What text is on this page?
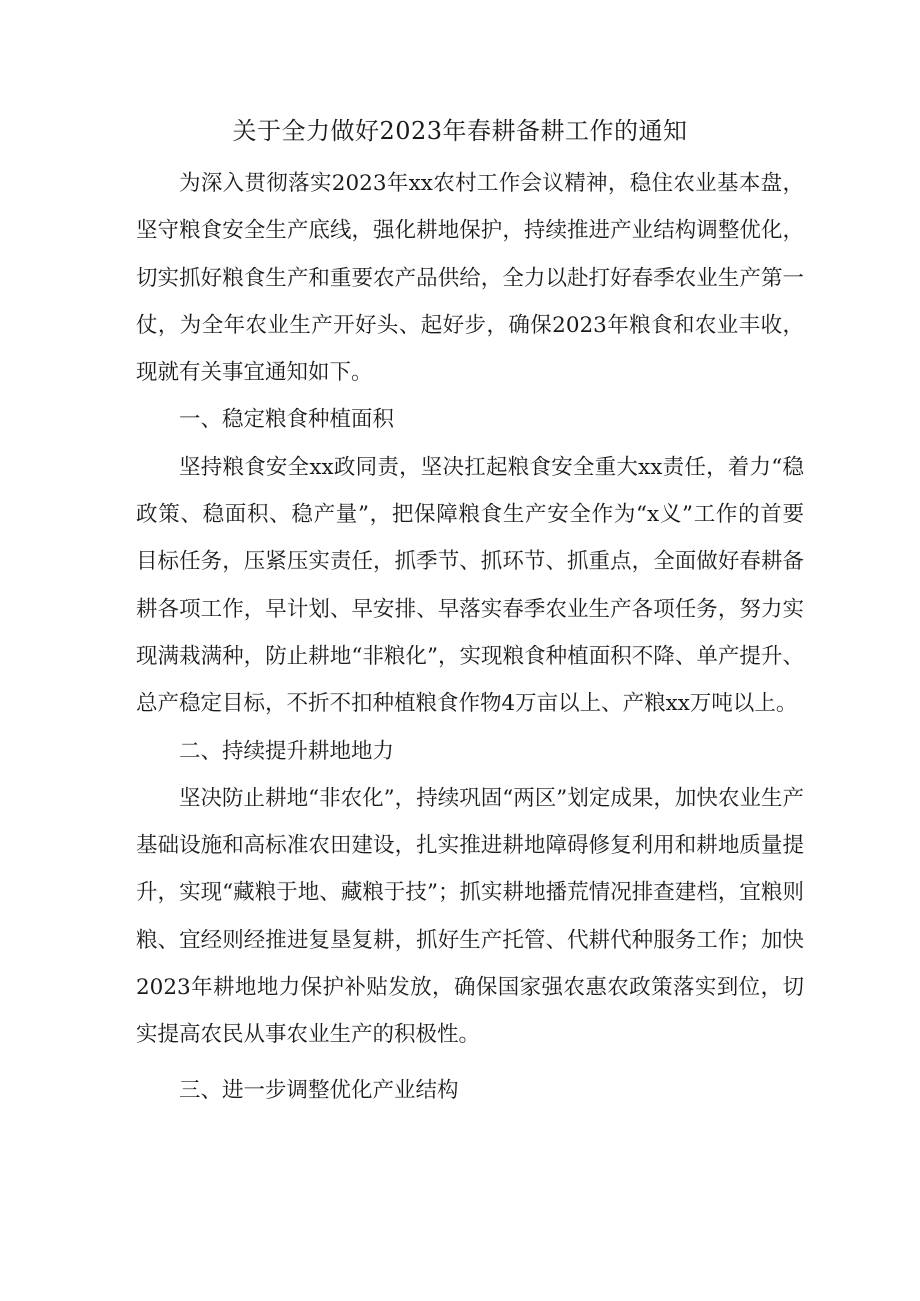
关于全力做好2023年春耕备耕工作的通知

为深入贯彻落实2023年xx农村工作会议精神，稳住农业基本盘，坚守粮食安全生产底线，强化耕地保护，持续推进产业结构调整优化，切实抓好粮食生产和重要农产品供给，全力以赴打好春季农业生产第一仗，为全年农业生产开好头、起好步，确保2023年粮食和农业丰收，现就有关事宜通知如下。

一、稳定粮食种植面积

坚持粮食安全xx政同责，坚决扛起粮食安全重大xx责任，着力“稳政策、稳面积、稳产量”，把保障粮食生产安全作为“x义”工作的首要目标任务，压紧压实责任，抓季节、抓环节、抓重点，全面做好春耕备耕各项工作，早计划、早安排、早落实春季农业生产各项任务，努力实现满栽满种，防止耕地“非粮化”，实现粮食种植面积不降、单产提升、总产稳定目标，不折不扣种植粮食作物4万亩以上、产粮xx万吨以上。

二、持续提升耕地地力

坚决防止耕地“非农化”，持续巩固“两区”划定成果，加快农业生产基础设施和高标准农田建设，扎实推进耕地障碍修复利用和耕地质量提升，实现“藏粮于地、藏粮于技”；抓实耕地播荒情况排查建档，宜粮则粮、宜经则经推进复垦复耕，抓好生产托管、代耕代种服务工作；加快2023年耕地地力保护补贴发放，确保国家强农惠农政策落实到位，切实提高农民从事农业生产的积极性。

三、进一步调整优化产业结构
